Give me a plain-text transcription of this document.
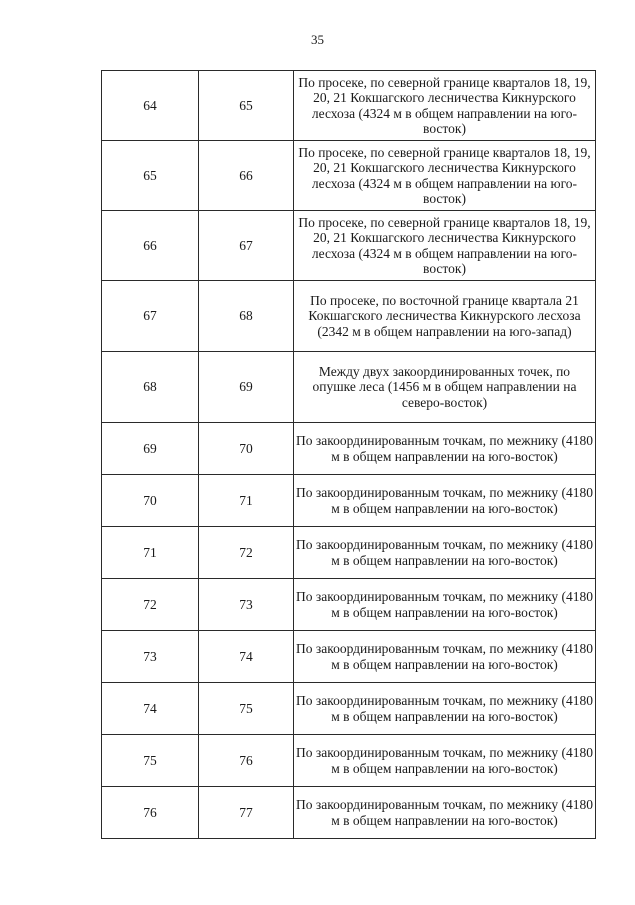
35
64	65	По просеке, по северной границе кварталов 18, 19, 20, 21 Кокшагского лесничества Кикнурского лесхоза (4324 м в общем направлении на юго-восток)
65	66	По просеке, по северной границе кварталов 18, 19, 20, 21 Кокшагского лесничества Кикнурского лесхоза (4324 м в общем направлении на юго-восток)
66	67	По просеке, по северной границе кварталов 18, 19, 20, 21 Кокшагского лесничества Кикнурского лесхоза (4324 м в общем направлении на юго-восток)
67	68	По просеке, по восточной границе квартала 21 Кокшагского лесничества Кикнурского лесхоза (2342 м в общем направлении на юго-запад)
68	69	Между двух закоординированных точек, по опушке леса (1456 м в общем направлении на северо-восток)
69	70	По закоординированным точкам, по межнику (4180 м в общем направлении на юго-восток)
70	71	По закоординированным точкам, по межнику (4180 м в общем направлении на юго-восток)
71	72	По закоординированным точкам, по межнику (4180 м в общем направлении на юго-восток)
72	73	По закоординированным точкам, по межнику (4180 м в общем направлении на юго-восток)
73	74	По закоординированным точкам, по межнику (4180 м в общем направлении на юго-восток)
74	75	По закоординированным точкам, по межнику (4180 м в общем направлении на юго-восток)
75	76	По закоординированным точкам, по межнику (4180 м в общем направлении на юго-восток)
76	77	По закоординированным точкам, по межнику (4180 м в общем направлении на юго-восток)
